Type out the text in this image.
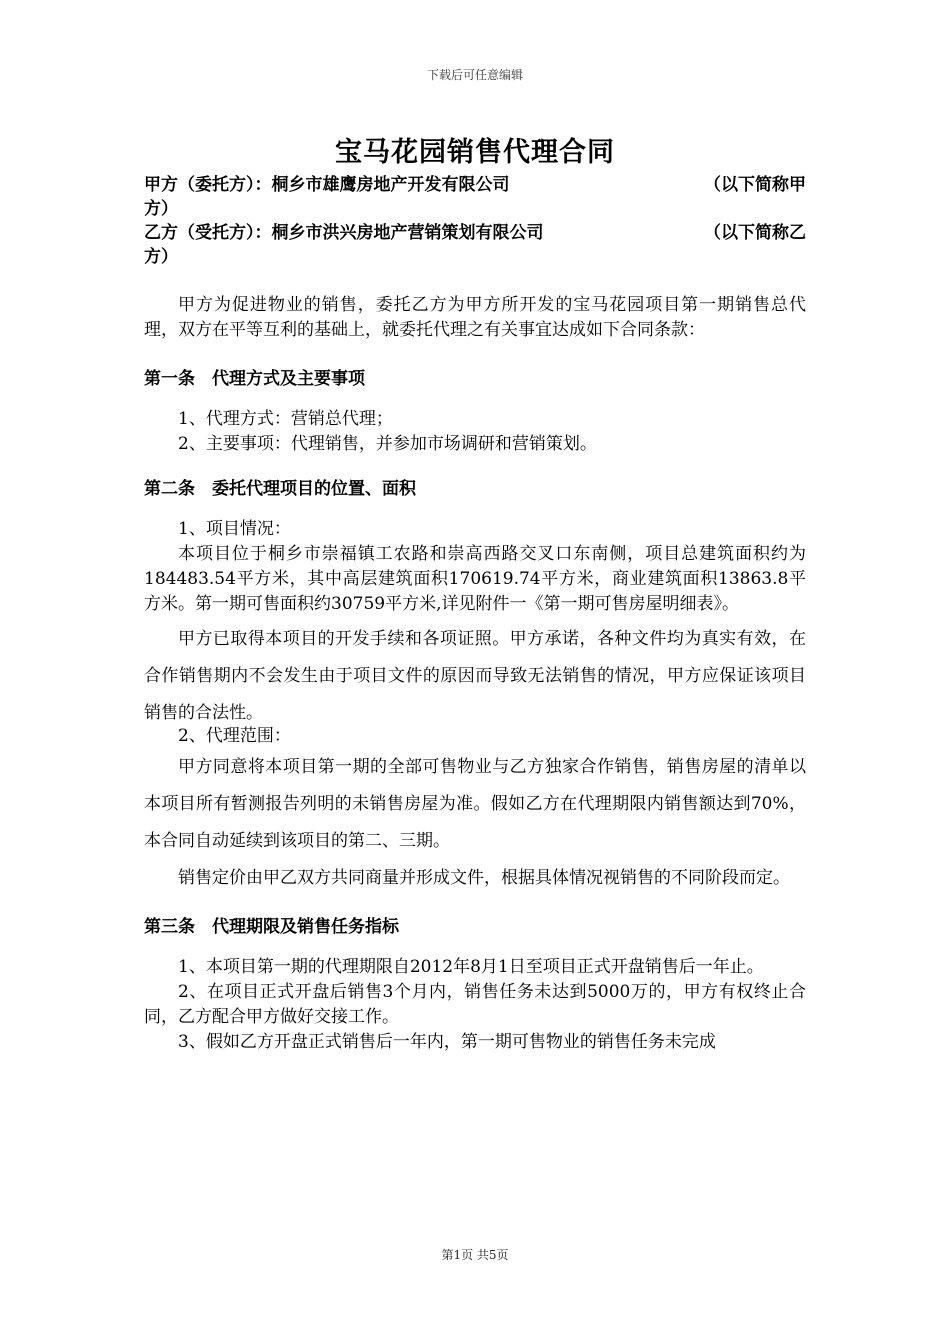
下载后可任意编辑
宝马花园销售代理合同
甲方（委托方）：桐乡市雄鹰房地产开发有限公司	（以下简称甲
方）
乙方（受托方）：桐乡市洪兴房地产营销策划有限公司	（以下简称乙
方）

甲方为促进物业的销售，委托乙方为甲方所开发的宝马花园项目第一期销售总代理，双方在平等互利的基础上，就委托代理之有关事宜达成如下合同条款：

第一条　代理方式及主要事项

1、代理方式：营销总代理；

2、主要事项：代理销售，并参加市场调研和营销策划。

第二条　委托代理项目的位置、面积

1、项目情况：

本项目位于桐乡市崇福镇工农路和崇高西路交叉口东南侧，项目总建筑面积约为184483.54平方米，其中高层建筑面积170619.74平方米，商业建筑面积13863.8平方米。第一期可售面积约30759平方米,详见附件一《第一期可售房屋明细表》。

甲方已取得本项目的开发手续和各项证照。甲方承诺，各种文件均为真实有效，在合作销售期内不会发生由于项目文件的原因而导致无法销售的情况，甲方应保证该项目销售的合法性。

2、代理范围：

甲方同意将本项目第一期的全部可售物业与乙方独家合作销售，销售房屋的清单以本项目所有暂测报告列明的未销售房屋为准。假如乙方在代理期限内销售额达到70%，本合同自动延续到该项目的第二、三期。

销售定价由甲乙双方共同商量并形成文件，根据具体情况视销售的不同阶段而定。

第三条　代理期限及销售任务指标

1、本项目第一期的代理期限自2012年8月1日至项目正式开盘销售后一年止。

2、在项目正式开盘后销售3个月内，销售任务未达到5000万的，甲方有权终止合同，乙方配合甲方做好交接工作。

3、假如乙方开盘正式销售后一年内，第一期可售物业的销售任务未完成

第1页 共5页
